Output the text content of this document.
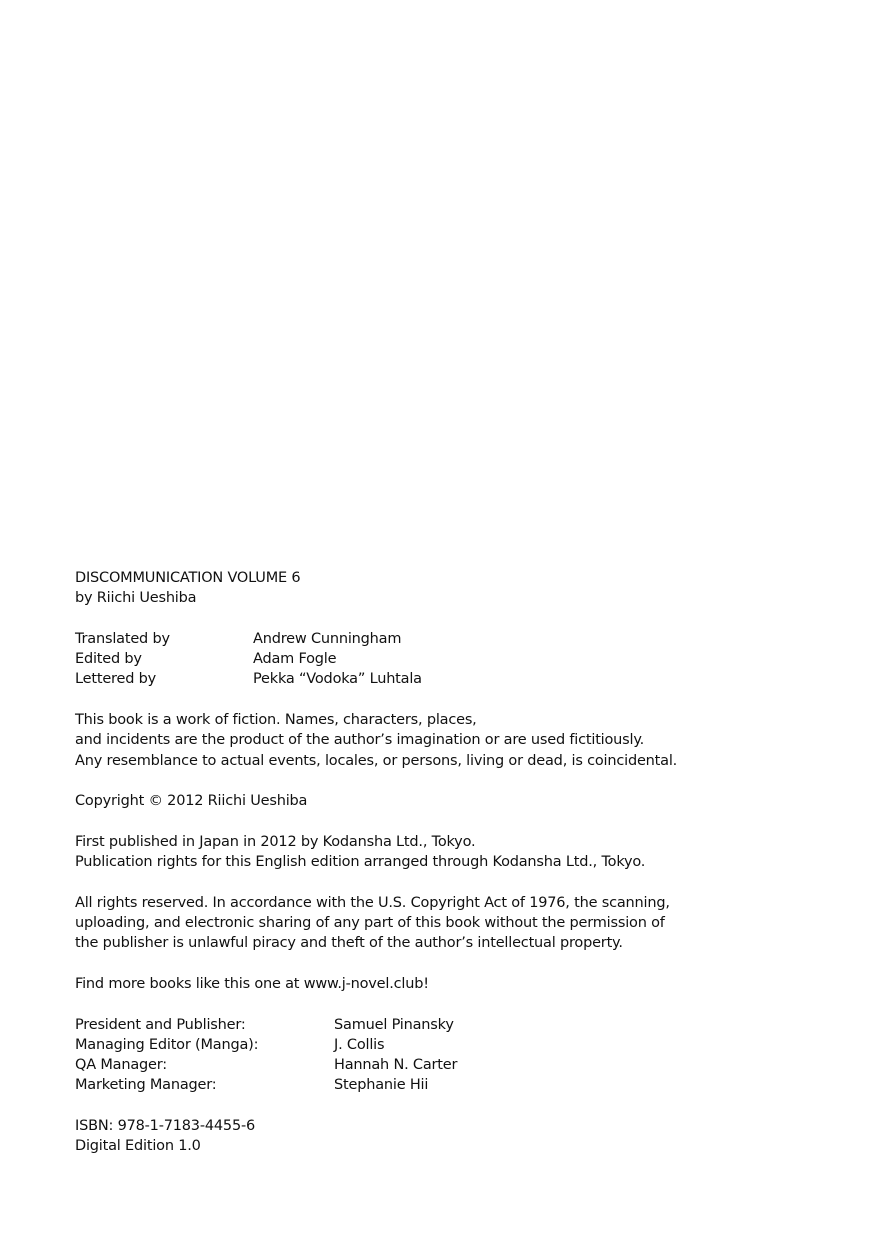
DISCOMMUNICATION VOLUME 6
by Riichi Ueshiba
Translated by	Andrew Cunningham
Edited by	Adam Fogle
Lettered by	Pekka “Vodoka” Luhtala
This book is a work of fiction. Names, characters, places,
and incidents are the product of the author’s imagination or are used fictitiously.
Any resemblance to actual events, locales, or persons, living or dead, is coincidental.
Copyright © 2012 Riichi Ueshiba
First published in Japan in 2012 by Kodansha Ltd., Tokyo.
Publication rights for this English edition arranged through Kodansha Ltd., Tokyo.
All rights reserved. In accordance with the U.S. Copyright Act of 1976, the scanning,
uploading, and electronic sharing of any part of this book without the permission of
the publisher is unlawful piracy and theft of the author’s intellectual property.
Find more books like this one at www.j-novel.club!
President and Publisher:	Samuel Pinansky
Managing Editor (Manga):	J. Collis
QA Manager:	Hannah N. Carter
Marketing Manager:	Stephanie Hii
ISBN: 978-1-7183-4455-6
Digital Edition 1.0
